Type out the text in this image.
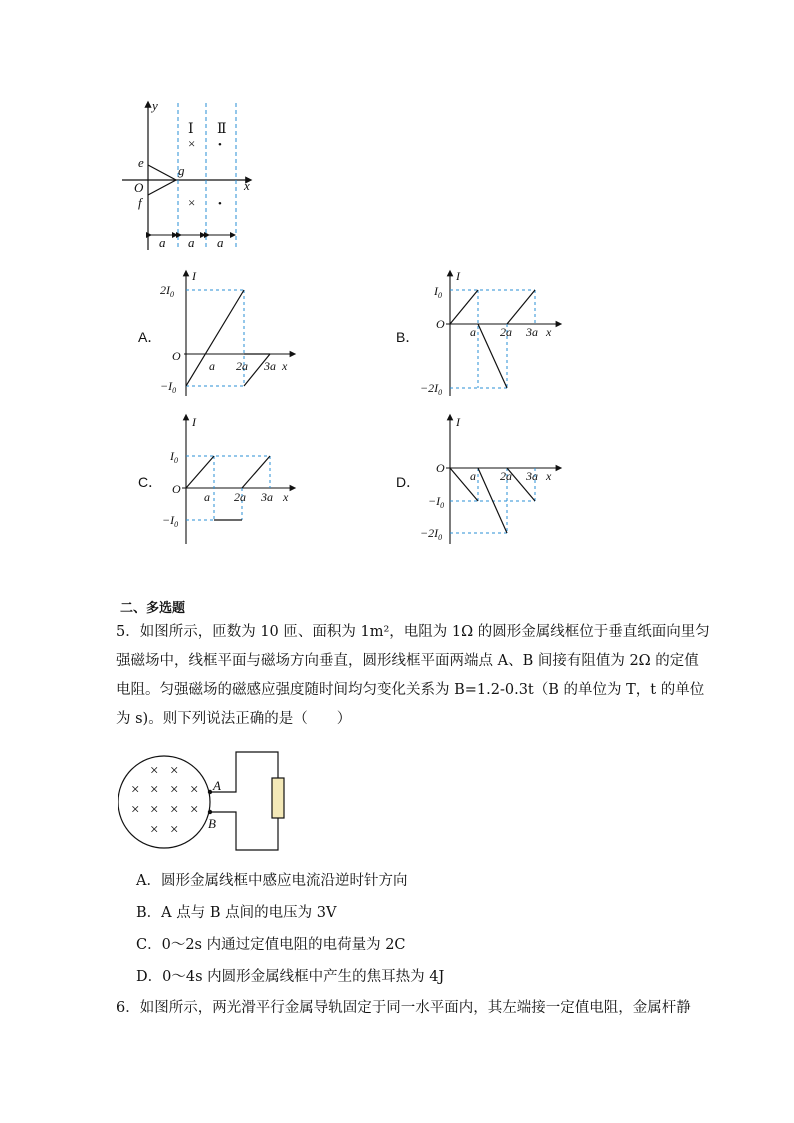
y
x
O
e
f
g
Ⅰ Ⅱ
×
×
•
•
a a a
A．
I
$2I_0$
$-I_0$
O
a 2a 3a x
B．
I
$I_0$
$-2I_0$
O
a 2a 3a x
C．
I
$I_0$
$-I_0$
O
a 2a 3a x
D．
I
O
$-I_0$
$-2I_0$
a 2a 3a x
二、多选题
5．如图所示，匝数为 10 匝、面积为 1m²，电阻为 1Ω 的圆形金属线框位于垂直纸面向里匀
强磁场中，线框平面与磁场方向垂直，圆形线框平面两端点 A、B 间接有阻值为 2Ω 的定值
电阻。匀强磁场的磁感应强度随时间均匀变化关系为 B=1.2-0.3t（B 的单位为 T，t 的单位
为 s)。则下列说法正确的是（　　）
A
B
× ×
× × × ×
× × × ×
× ×
A．圆形金属线框中感应电流沿逆时针方向
B．A 点与 B 点间的电压为 3V
C．0～2s 内通过定值电阻的电荷量为 2C
D．0～4s 内圆形金属线框中产生的焦耳热为 4J
6．如图所示，两光滑平行金属导轨固定于同一水平面内，其左端接一定值电阻，金属杆静
